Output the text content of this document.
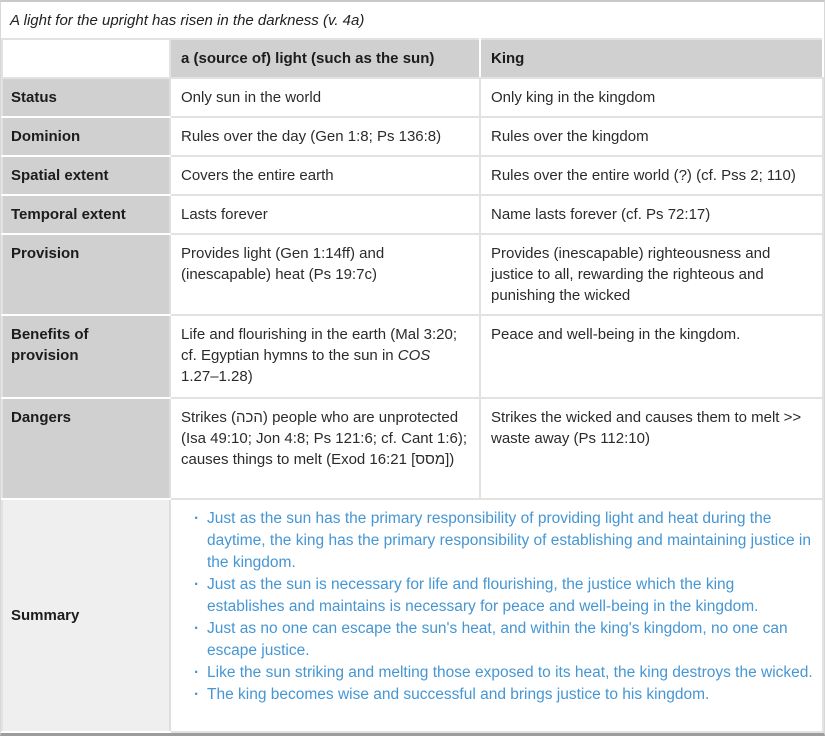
A light for the upright has risen in the darkness (v. 4a)
	a (source of) light (such as the sun)	King
Status	Only sun in the world	Only king in the kingdom
Dominion	Rules over the day (Gen 1:8; Ps 136:8)	Rules over the kingdom
Spatial extent	Covers the entire earth	Rules over the entire world (?) (cf. Pss 2; 110)
Temporal extent	Lasts forever	Name lasts forever (cf. Ps 72:17)
Provision	Provides light (Gen 1:14ff) and (inescapable) heat (Ps 19:7c)	Provides (inescapable) righteousness and justice to all, rewarding the righteous and punishing the wicked
Benefits of provision	Life and flourishing in the earth (Mal 3:20; cf. Egyptian hymns to the sun in COS 1.27–1.28)	Peace and well-being in the kingdom.
Dangers	Strikes (הכה) people who are unprotected (Isa 49:10; Jon 4:8; Ps 121:6; cf. Cant 1:6); causes things to melt (Exod 16:21 [מסס])	Strikes the wicked and causes them to melt >> waste away (Ps 112:10)
Summary	
· Just as the sun has the primary responsibility of providing light and heat during the daytime, the king has the primary responsibility of establishing and maintaining justice in the kingdom.
· Just as the sun is necessary for life and flourishing, the justice which the king establishes and maintains is necessary for peace and well-being in the kingdom.
· Just as no one can escape the sun's heat, and within the king's kingdom, no one can escape justice.
· Like the sun striking and melting those exposed to its heat, the king destroys the wicked.
· The king becomes wise and successful and brings justice to his kingdom.
